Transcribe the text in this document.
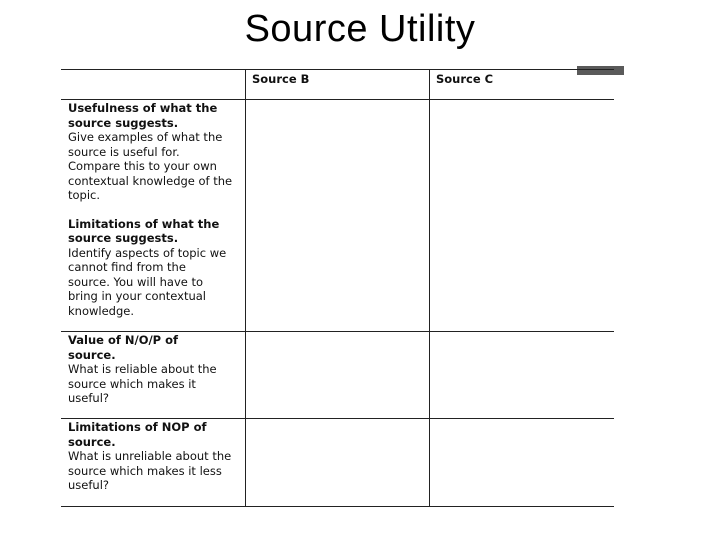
Source Utility
Source B	Source C
Usefulness of what the
source suggests.
Give examples of what the
source is useful for.
Compare this to your own
contextual knowledge of the
topic.
Limitations of what the
source suggests.
Identify aspects of topic we
cannot find from the
source. You will have to
bring in your contextual
knowledge.
Value of N/O/P of
source.
What is reliable about the
source which makes it
useful?
Limitations of NOP of
source.
What is unreliable about the
source which makes it less
useful?
